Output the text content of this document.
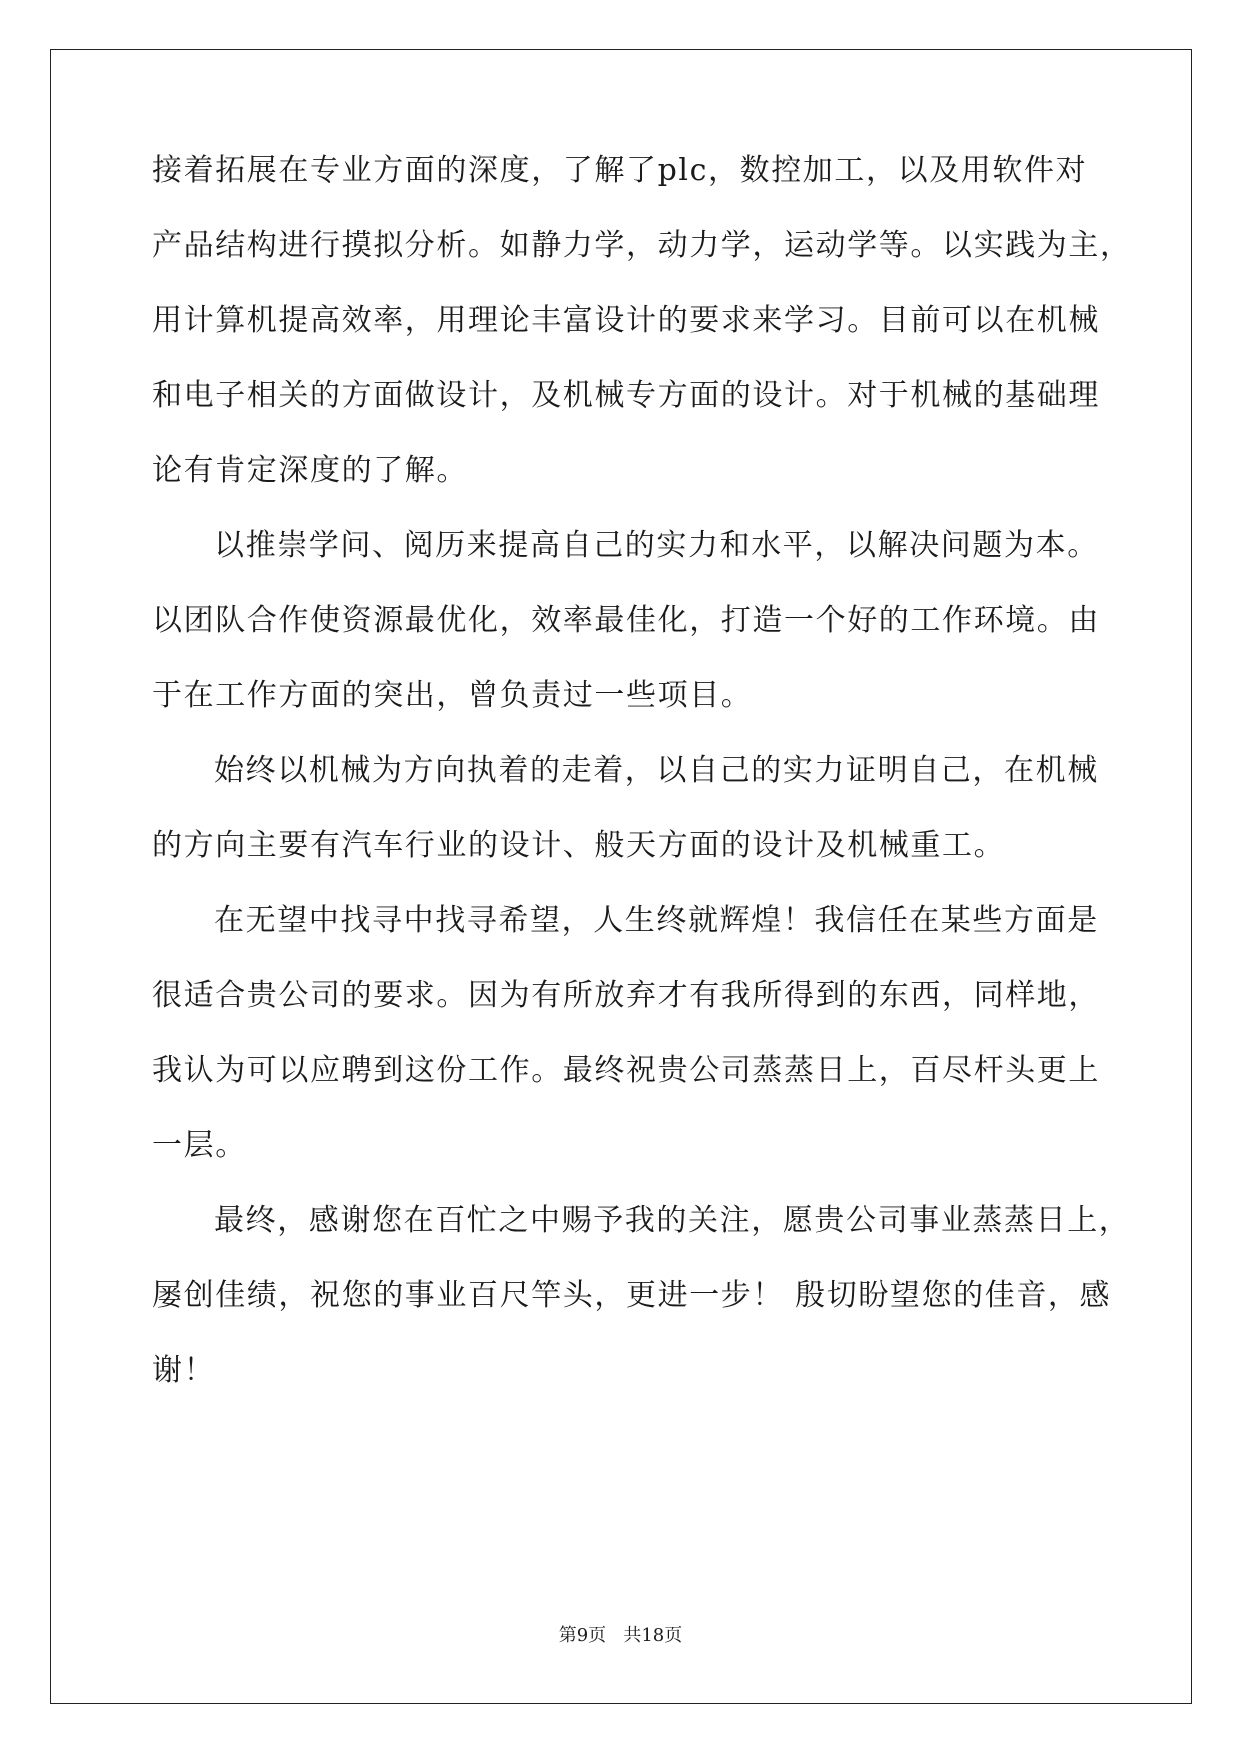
接着拓展在专业方面的深度，了解了plc，数控加工，以及用软件对
产品结构进行摸拟分析。如静力学，动力学，运动学等。以实践为主，
用计算机提高效率，用理论丰富设计的要求来学习。目前可以在机械
和电子相关的方面做设计，及机械专方面的设计。对于机械的基础理
论有肯定深度的了解。
以推崇学问、阅历来提高自己的实力和水平，以解决问题为本。
以团队合作使资源最优化，效率最佳化，打造一个好的工作环境。由
于在工作方面的突出，曾负责过一些项目。
始终以机械为方向执着的走着，以自己的实力证明自己，在机械
的方向主要有汽车行业的设计、般天方面的设计及机械重工。
在无望中找寻中找寻希望，人生终就辉煌！我信任在某些方面是
很适合贵公司的要求。因为有所放弃才有我所得到的东西，同样地，
我认为可以应聘到这份工作。最终祝贵公司蒸蒸日上，百尽杆头更上
一层。
最终，感谢您在百忙之中赐予我的关注，愿贵公司事业蒸蒸日上，
屡创佳绩，祝您的事业百尺竿头，更进一步！ 殷切盼望您的佳音，感
谢！
第9页   共18页
